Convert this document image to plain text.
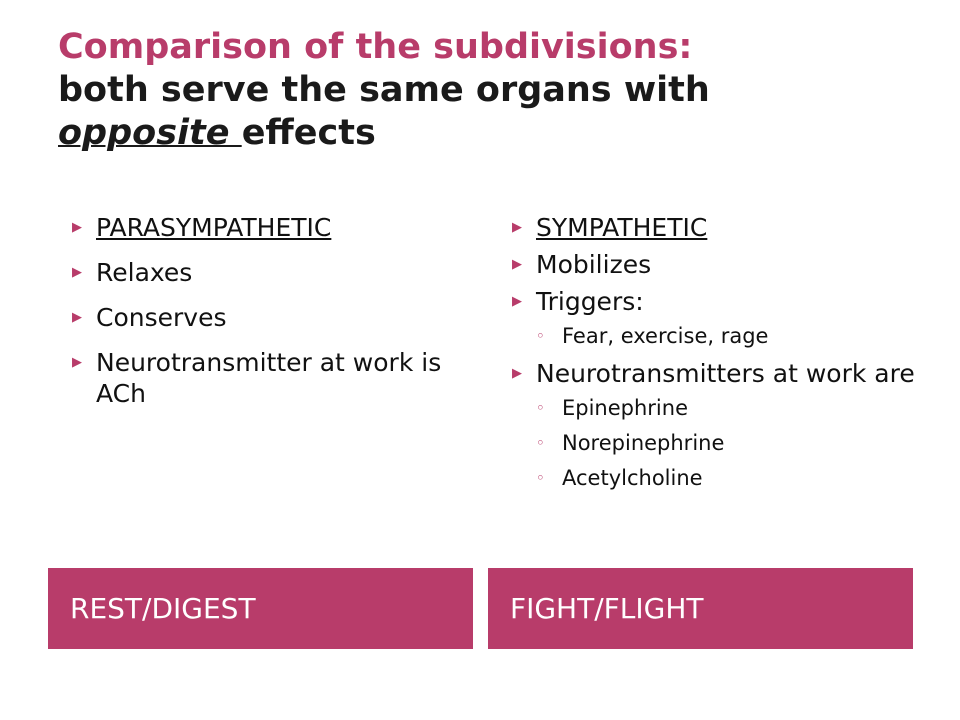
Comparison of the subdivisions:
both serve the same organs with
opposite effects
▶ PARASYMPATHETIC
▶ Relaxes
▶ Conserves
▶ Neurotransmitter at work is ACh
▶ SYMPATHETIC
▶ Mobilizes
▶ Triggers:
◦ Fear, exercise, rage
▶ Neurotransmitters at work are
◦ Epinephrine
◦ Norepinephrine
◦ Acetylcholine
REST/DIGEST	FIGHT/FLIGHT
